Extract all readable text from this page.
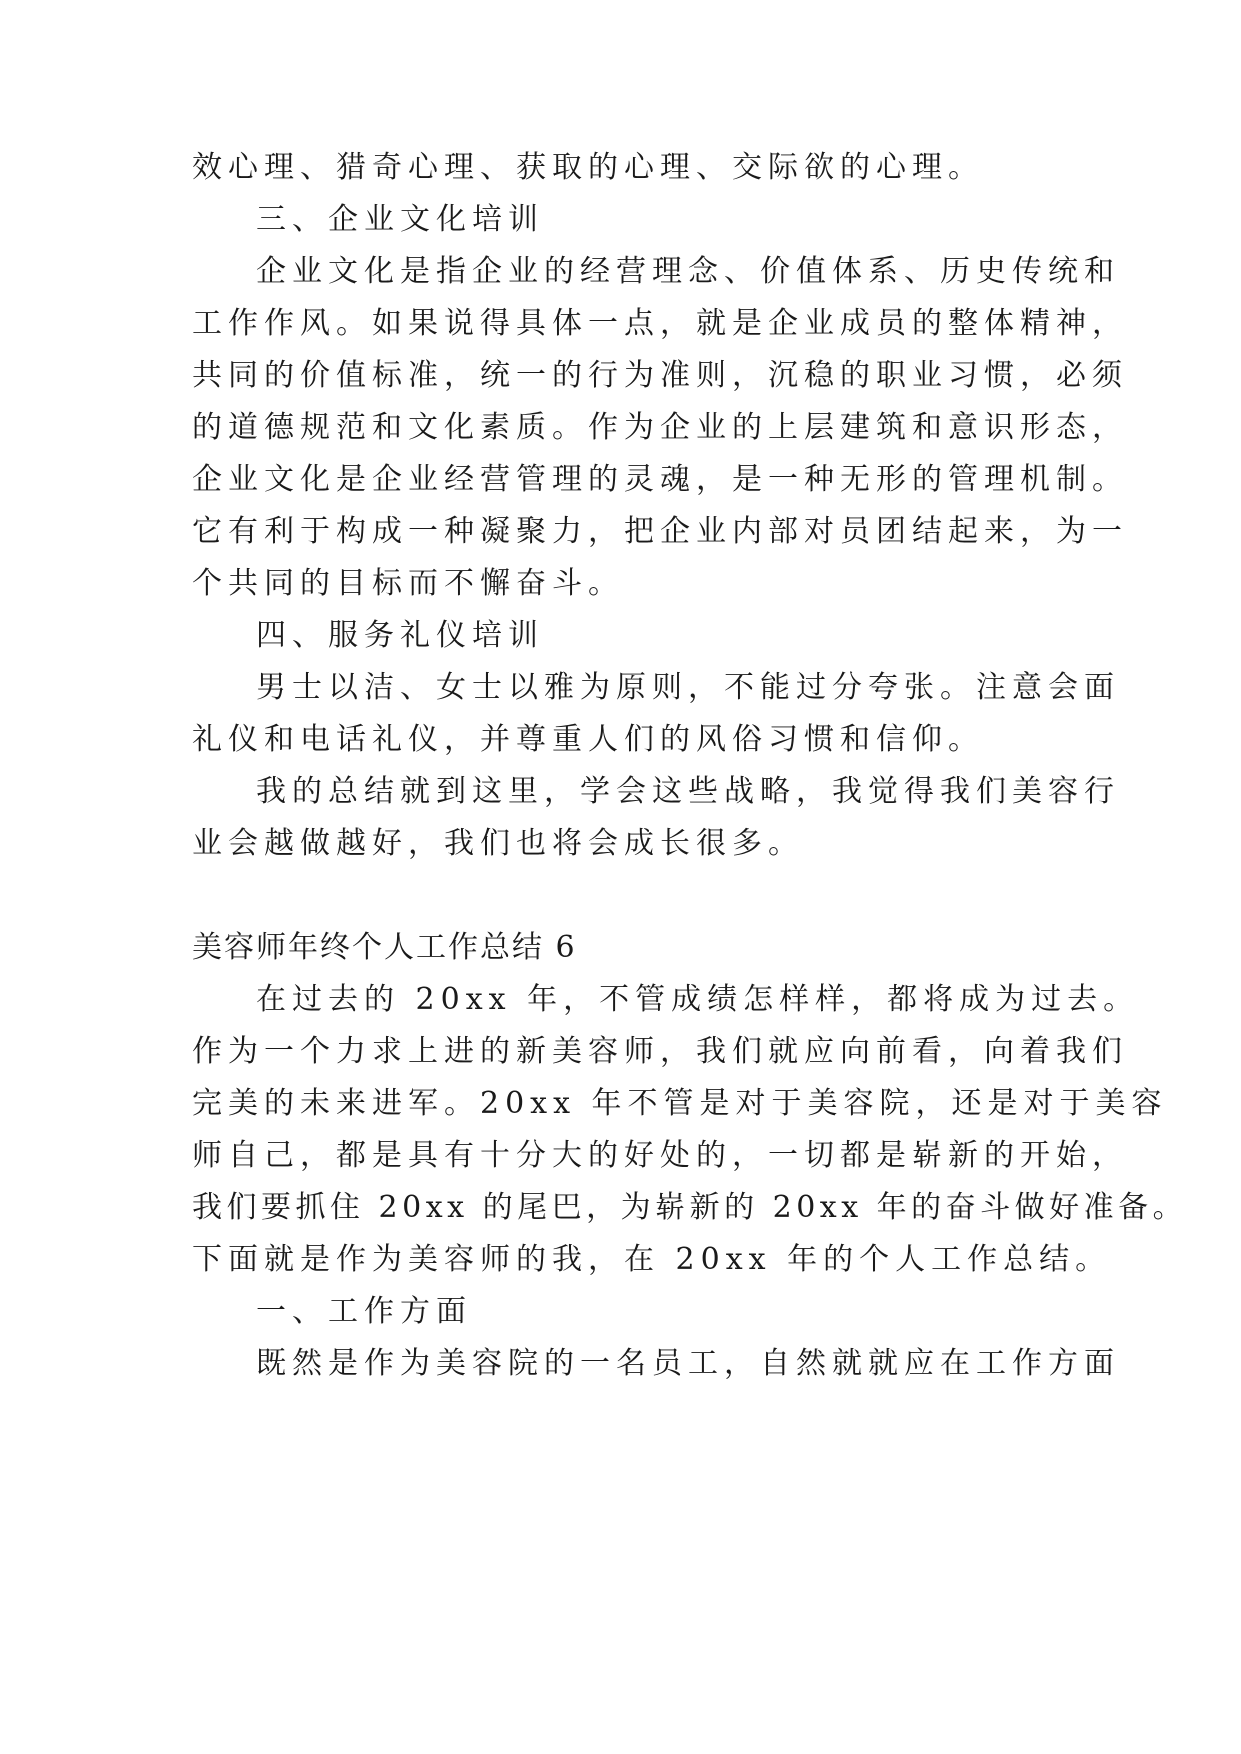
效心理、猎奇心理、获取的心理、交际欲的心理。
三、企业文化培训
企业文化是指企业的经营理念、价值体系、历史传统和
工作作风。如果说得具体一点，就是企业成员的整体精神，
共同的价值标准，统一的行为准则，沉稳的职业习惯，必须
的道德规范和文化素质。作为企业的上层建筑和意识形态，
企业文化是企业经营管理的灵魂，是一种无形的管理机制。
它有利于构成一种凝聚力，把企业内部对员团结起来，为一
个共同的目标而不懈奋斗。
四、服务礼仪培训
男士以洁、女士以雅为原则，不能过分夸张。注意会面
礼仪和电话礼仪，并尊重人们的风俗习惯和信仰。
我的总结就到这里，学会这些战略，我觉得我们美容行
业会越做越好，我们也将会成长很多。
美容师年终个人工作总结 6
在过去的 20xx 年，不管成绩怎样样，都将成为过去。
作为一个力求上进的新美容师，我们就应向前看，向着我们
完美的未来进军。20xx 年不管是对于美容院，还是对于美容
师自己，都是具有十分大的好处的，一切都是崭新的开始，
我们要抓住 20xx 的尾巴，为崭新的 20xx 年的奋斗做好准备。
下面就是作为美容师的我，在 20xx 年的个人工作总结。
一、工作方面
既然是作为美容院的一名员工，自然就就应在工作方面
